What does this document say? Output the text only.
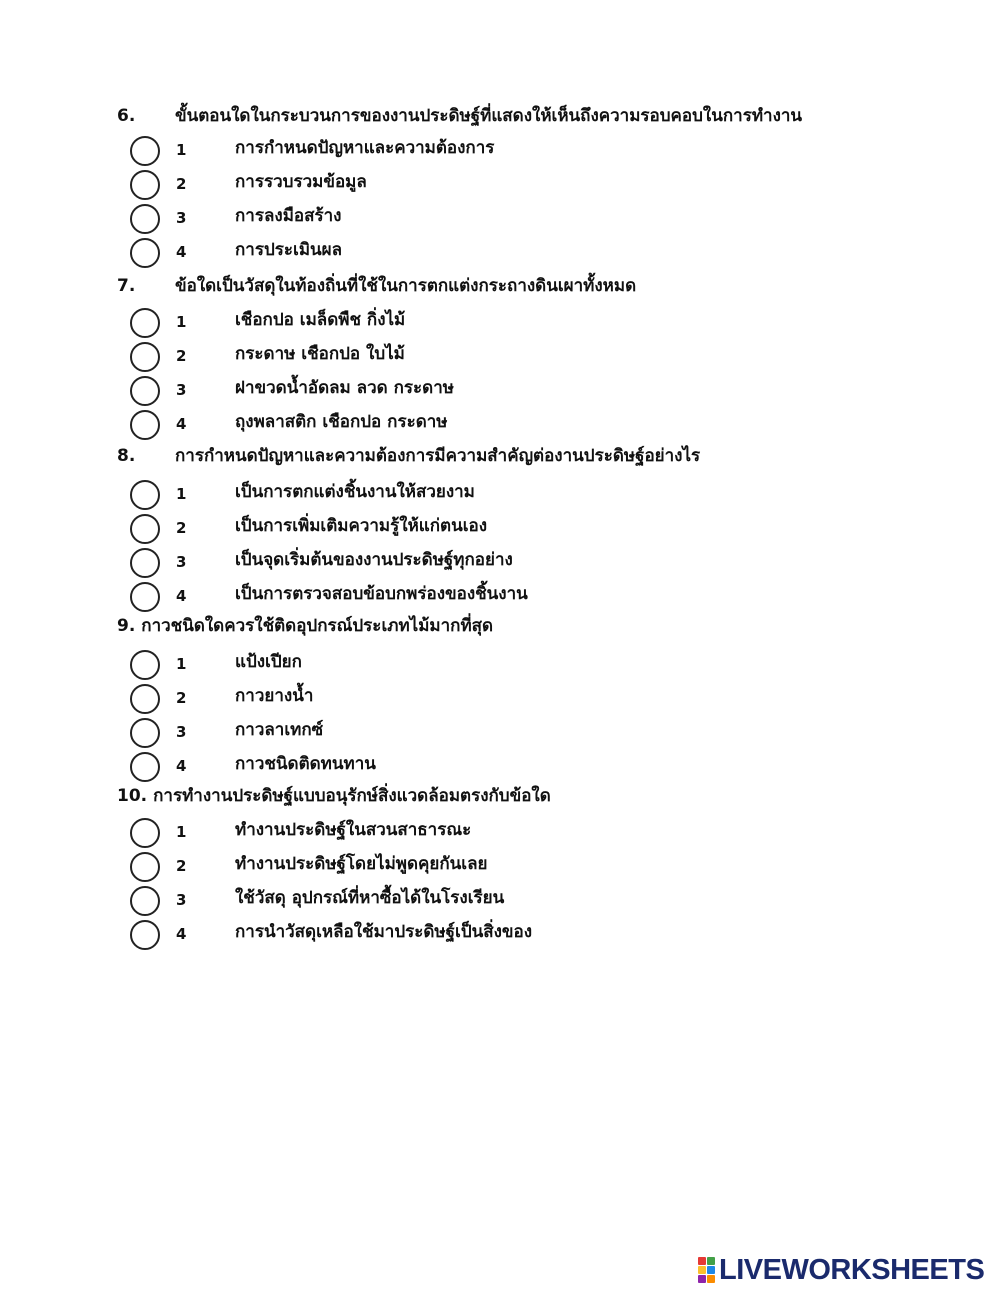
6. ขั้นตอนใดในกระบวนการของงานประดิษฐ์ที่แสดงให้เห็นถึงความรอบคอบในการทำงาน
1	การกำหนดปัญหาและความต้องการ
2	การรวบรวมข้อมูล
3	การลงมือสร้าง
4	การประเมินผล
7. ข้อใดเป็นวัสดุในท้องถิ่นที่ใช้ในการตกแต่งกระถางดินเผาทั้งหมด
1	เชือกปอ เมล็ดพืช กิ่งไม้
2	กระดาษ เชือกปอ ใบไม้
3	ฝาขวดน้ำอัดลม ลวด กระดาษ
4	ถุงพลาสติก เชือกปอ กระดาษ
8. การกำหนดปัญหาและความต้องการมีความสำคัญต่องานประดิษฐ์อย่างไร
1	เป็นการตกแต่งชิ้นงานให้สวยงาม
2	เป็นการเพิ่มเติมความรู้ให้แก่ตนเอง
3	เป็นจุดเริ่มต้นของงานประดิษฐ์ทุกอย่าง
4	เป็นการตรวจสอบข้อบกพร่องของชิ้นงาน
9. กาวชนิดใดควรใช้ติดอุปกรณ์ประเภทไม้มากที่สุด
1	แป้งเปียก
2	กาวยางน้ำ
3	กาวลาเทกซ์
4	กาวชนิดติดทนทาน
10. การทำงานประดิษฐ์แบบอนุรักษ์สิ่งแวดล้อมตรงกับข้อใด
1	ทำงานประดิษฐ์ในสวนสาธารณะ
2	ทำงานประดิษฐ์โดยไม่พูดคุยกันเลย
3	ใช้วัสดุ อุปกรณ์ที่หาซื้อได้ในโรงเรียน
4	การนำวัสดุเหลือใช้มาประดิษฐ์เป็นสิ่งของ
LIVEWORKSHEETS
